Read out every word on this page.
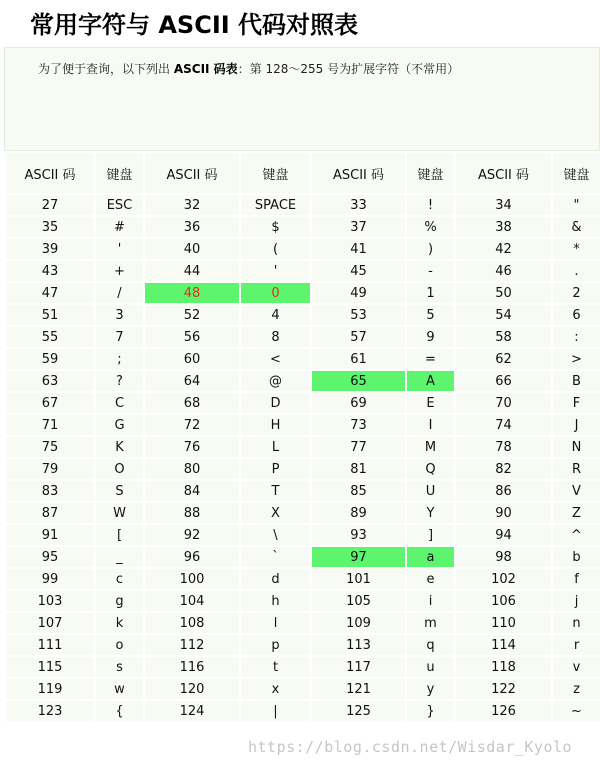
常用字符与 ASCII 代码对照表
为了便于查询，以下列出 ASCII 码表：第 128～255 号为扩展字符（不常用）
ASCII 码	键盘	ASCII 码	键盘	ASCII 码	键盘	ASCII 码	键盘
27	ESC	32	SPACE	33	!	34	"
35	#	36	$	37	%	38	&
39	'	40	(	41	)	42	*
43	+	44	'	45	-	46	.
47	/	48	0	49	1	50	2
51	3	52	4	53	5	54	6
55	7	56	8	57	9	58	:
59	;	60	<	61	=	62	>
63	?	64	@	65	A	66	B
67	C	68	D	69	E	70	F
71	G	72	H	73	I	74	J
75	K	76	L	77	M	78	N
79	O	80	P	81	Q	82	R
83	S	84	T	85	U	86	V
87	W	88	X	89	Y	90	Z
91	[	92	\	93	]	94	^
95	_	96	`	97	a	98	b
99	c	100	d	101	e	102	f
103	g	104	h	105	i	106	j
107	k	108	l	109	m	110	n
111	o	112	p	113	q	114	r
115	s	116	t	117	u	118	v
119	w	120	x	121	y	122	z
123	{	124	|	125	}	126	~
https://blog.csdn.net/Wisdar_Kyolo
